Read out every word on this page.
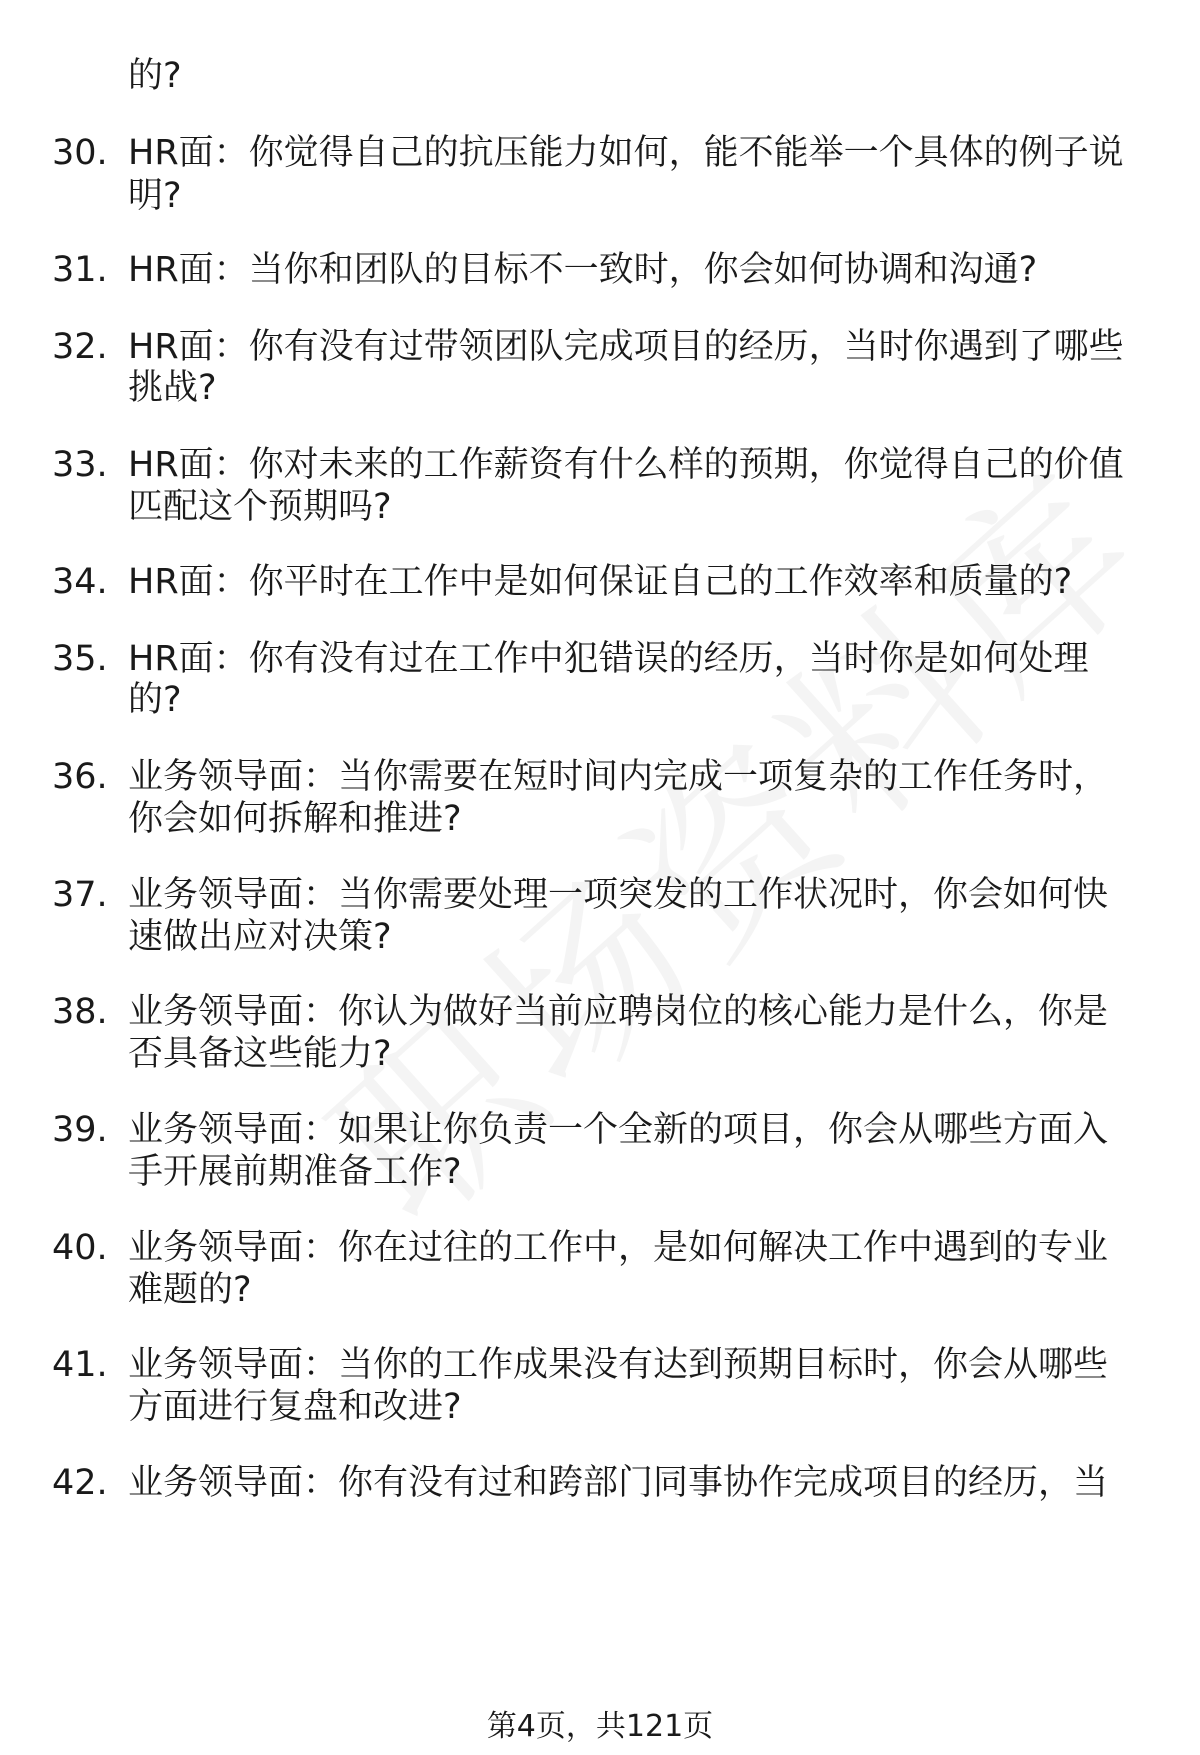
的?
30. HR面：你觉得自己的抗压能力如何，能不能举一个具体的例子说
明?
31. HR面：当你和团队的目标不一致时，你会如何协调和沟通?
32. HR面：你有没有过带领团队完成项目的经历，当时你遇到了哪些
挑战?
33. HR面：你对未来的工作薪资有什么样的预期，你觉得自己的价值
匹配这个预期吗?
34. HR面：你平时在工作中是如何保证自己的工作效率和质量的?
35. HR面：你有没有过在工作中犯错误的经历，当时你是如何处理
的?
36. 业务领导面：当你需要在短时间内完成一项复杂的工作任务时，
你会如何拆解和推进?
37. 业务领导面：当你需要处理一项突发的工作状况时，你会如何快
速做出应对决策?
38. 业务领导面：你认为做好当前应聘岗位的核心能力是什么，你是
否具备这些能力?
39. 业务领导面：如果让你负责一个全新的项目，你会从哪些方面入
手开展前期准备工作?
40. 业务领导面：你在过往的工作中，是如何解决工作中遇到的专业
难题的?
41. 业务领导面：当你的工作成果没有达到预期目标时，你会从哪些
方面进行复盘和改进?
42. 业务领导面：你有没有过和跨部门同事协作完成项目的经历，当
第4页，共121页
